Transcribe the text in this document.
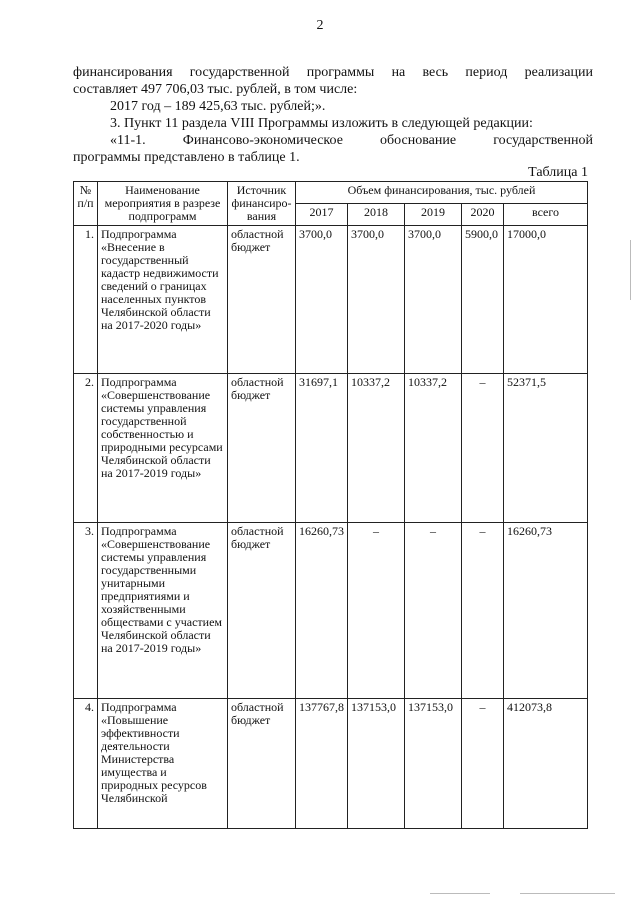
2

финансирования государственной программы на весь период реализации

составляет 497 706,03 тыс. рублей, в том числе:

2017 год – 189 425,63 тыс. рублей;».

3. Пункт 11 раздела VIII Программы изложить в следующей редакции:

«11-1. Финансово-экономическое обоснование государственной

программы представлено в таблице 1.

Таблица 1
№ п/п	Наименование мероприятия в разрезе подпрограмм	Источник финансиро-вания	Объем финансирования, тыс. рублей				
			2017	2018	2019	2020	всего
1.	Подпрограмма «Внесение в государственный кадастр недвижимости сведений о границах населенных пунктов Челябинской области на 2017-2020 годы»	областной бюджет	3700,0	3700,0	3700,0	5900,0	17000,0
2.	Подпрограмма «Совершенствование системы управления государственной собственностью и природными ресурсами Челябинской области на 2017-2019 годы»	областной бюджет	31697,1	10337,2	10337,2	–	52371,5
3.	Подпрограмма «Совершенствование системы управления государственными унитарными предприятиями и хозяйственными обществами с участием Челябинской области на 2017-2019 годы»	областной бюджет	16260,73	–	–	–	16260,73
4.	Подпрограмма «Повышение эффективности деятельности Министерства имущества и природных ресурсов Челябинской	областной бюджет	137767,8	137153,0	137153,0	–	412073,8
